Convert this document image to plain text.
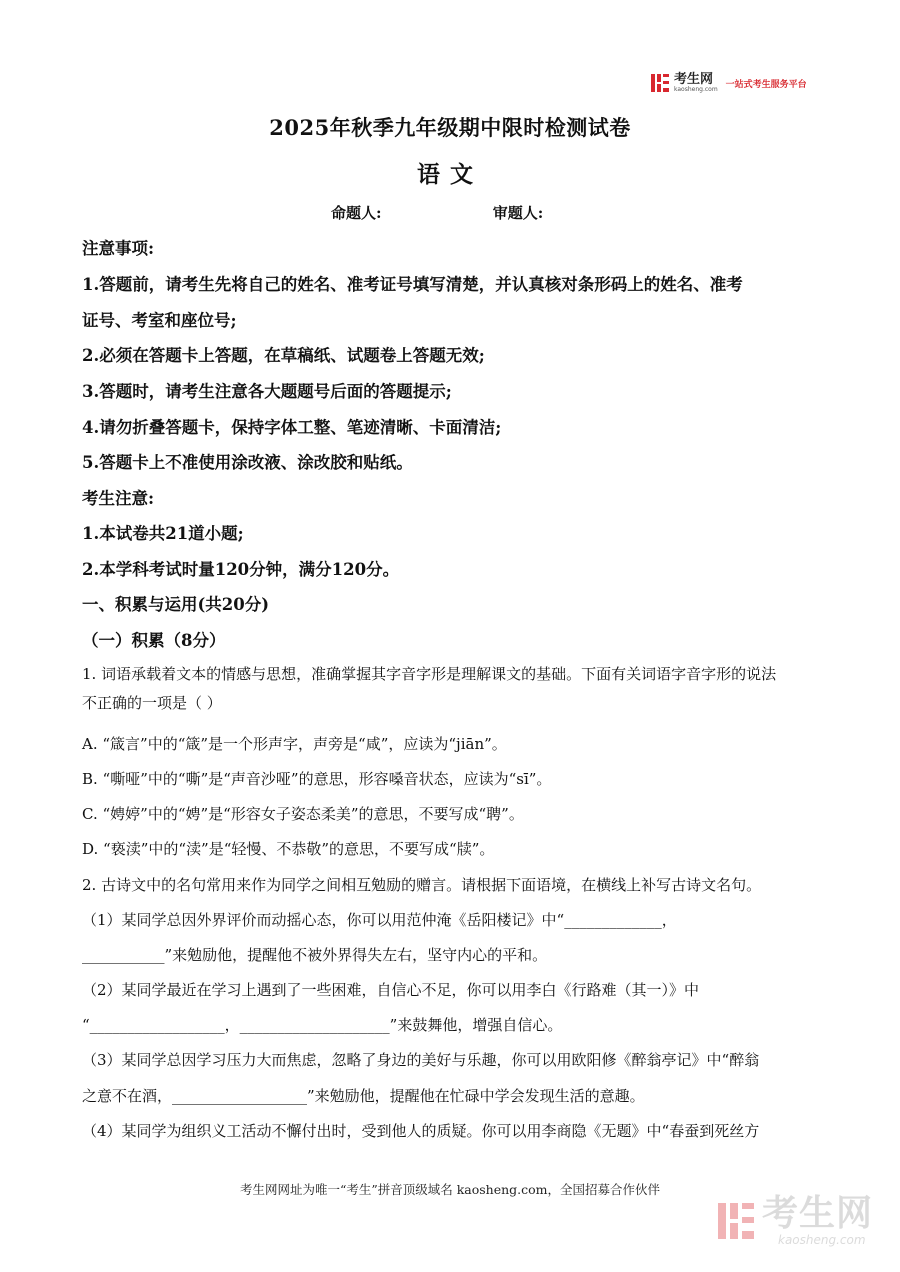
考生网
kaosheng.com 一站式考生服务平台
2025年秋季九年级期中限时检测试卷
语文
命题人:	审题人:
注意事项:
1.答题前，请考生先将自己的姓名、准考证号填写清楚，并认真核对条形码上的姓名、准考
证号、考室和座位号;
2.必须在答题卡上答题，在草稿纸、试题卷上答题无效;
3.答题时，请考生注意各大题题号后面的答题提示;
4.请勿折叠答题卡，保持字体工整、笔迹清晰、卡面清洁;
5.答题卡上不准使用涂改液、涂改胶和贴纸。
考生注意:
1.本试卷共21道小题;
2.本学科考试时量120分钟，满分120分。
一、积累与运用(共20分)
（一）积累（8分）
1. 词语承载着文本的情感与思想，准确掌握其字音字形是理解课文的基础。下面有关词语字音字形的说法
不正确的一项是（ ）
A. “箴言”中的“箴”是一个形声字，声旁是“咸”，应读为“jiān”。
B. “嘶哑”中的“嘶”是“声音沙哑”的意思，形容嗓音状态，应读为“sī”。
C. “娉婷”中的“娉”是“形容女子姿态柔美”的意思，不要写成“聘”。
D. “亵渎”中的“渎”是“轻慢、不恭敬”的意思，不要写成“牍”。
2. 古诗文中的名句常用来作为同学之间相互勉励的赠言。请根据下面语境，在横线上补写古诗文名句。
（1）某同学总因外界评价而动摇心态，你可以用范仲淹《岳阳楼记》中“_____________，
___________”来勉励他，提醒他不被外界得失左右，坚守内心的平和。
（2）某同学最近在学习上遇到了一些困难，自信心不足，你可以用李白《行路难（其一）》中
“__________________，____________________”来鼓舞他，增强自信心。
（3）某同学总因学习压力大而焦虑，忽略了身边的美好与乐趣，你可以用欧阳修《醉翁亭记》中“醉翁
之意不在酒，__________________”来勉励他，提醒他在忙碌中学会发现生活的意趣。
（4）某同学为组织义工活动不懈付出时，受到他人的质疑。你可以用李商隐《无题》中“春蚕到死丝方
考生网网址为唯一“考生”拼音顶级域名 kaosheng.com，全国招募合作伙伴
考生网
kaosheng.com
